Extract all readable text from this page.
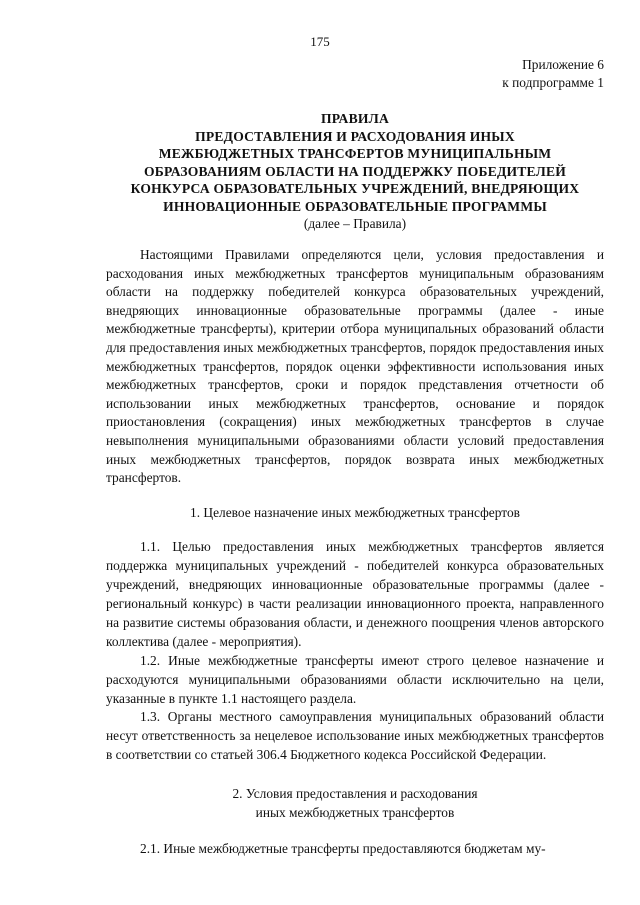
175
Приложение 6
к подпрограмме 1
ПРАВИЛА
ПРЕДОСТАВЛЕНИЯ И РАСХОДОВАНИЯ ИНЫХ
МЕЖБЮДЖЕТНЫХ ТРАНСФЕРТОВ МУНИЦИПАЛЬНЫМ
ОБРАЗОВАНИЯМ ОБЛАСТИ НА ПОДДЕРЖКУ ПОБЕДИТЕЛЕЙ
КОНКУРСА ОБРАЗОВАТЕЛЬНЫХ УЧРЕЖДЕНИЙ, ВНЕДРЯЮЩИХ
ИННОВАЦИОННЫЕ ОБРАЗОВАТЕЛЬНЫЕ ПРОГРАММЫ
(далее – Правила)

Настоящими Правилами определяются цели, условия предоставления и расходования иных межбюджетных трансфертов муниципальным образованиям области на поддержку победителей конкурса образовательных учреждений, внедряющих инновационные образовательные программы (далее - иные межбюджетные трансферты), критерии отбора муниципальных образований области для предоставления иных межбюджетных трансфертов, порядок предоставления иных межбюджетных трансфертов, порядок оценки эффективности использования иных межбюджетных трансфертов, сроки и порядок представления отчетности об использовании иных межбюджетных трансфертов, основание и порядок приостановления (сокращения) иных межбюджетных трансфертов в случае невыполнения муниципальными образованиями области условий предоставления иных межбюджетных трансфертов, порядок возврата иных межбюджетных трансфертов.

1. Целевое назначение иных межбюджетных трансфертов

1.1. Целью предоставления иных межбюджетных трансфертов является поддержка муниципальных учреждений - победителей конкурса образовательных учреждений, внедряющих инновационные образовательные программы (далее - региональный конкурс) в части реализации инновационного проекта, направленного на развитие системы образования области, и денежного поощрения членов авторского коллектива (далее - мероприятия).

1.2. Иные межбюджетные трансферты имеют строго целевое назначение и расходуются муниципальными образованиями области исключительно на цели, указанные в пункте 1.1 настоящего раздела.

1.3. Органы местного самоуправления муниципальных образований области несут ответственность за нецелевое использование иных межбюджетных трансфертов в соответствии со статьей 306.4 Бюджетного кодекса Российской Федерации.

2. Условия предоставления и расходования
иных межбюджетных трансфертов

2.1. Иные межбюджетные трансферты предоставляются бюджетам му-
